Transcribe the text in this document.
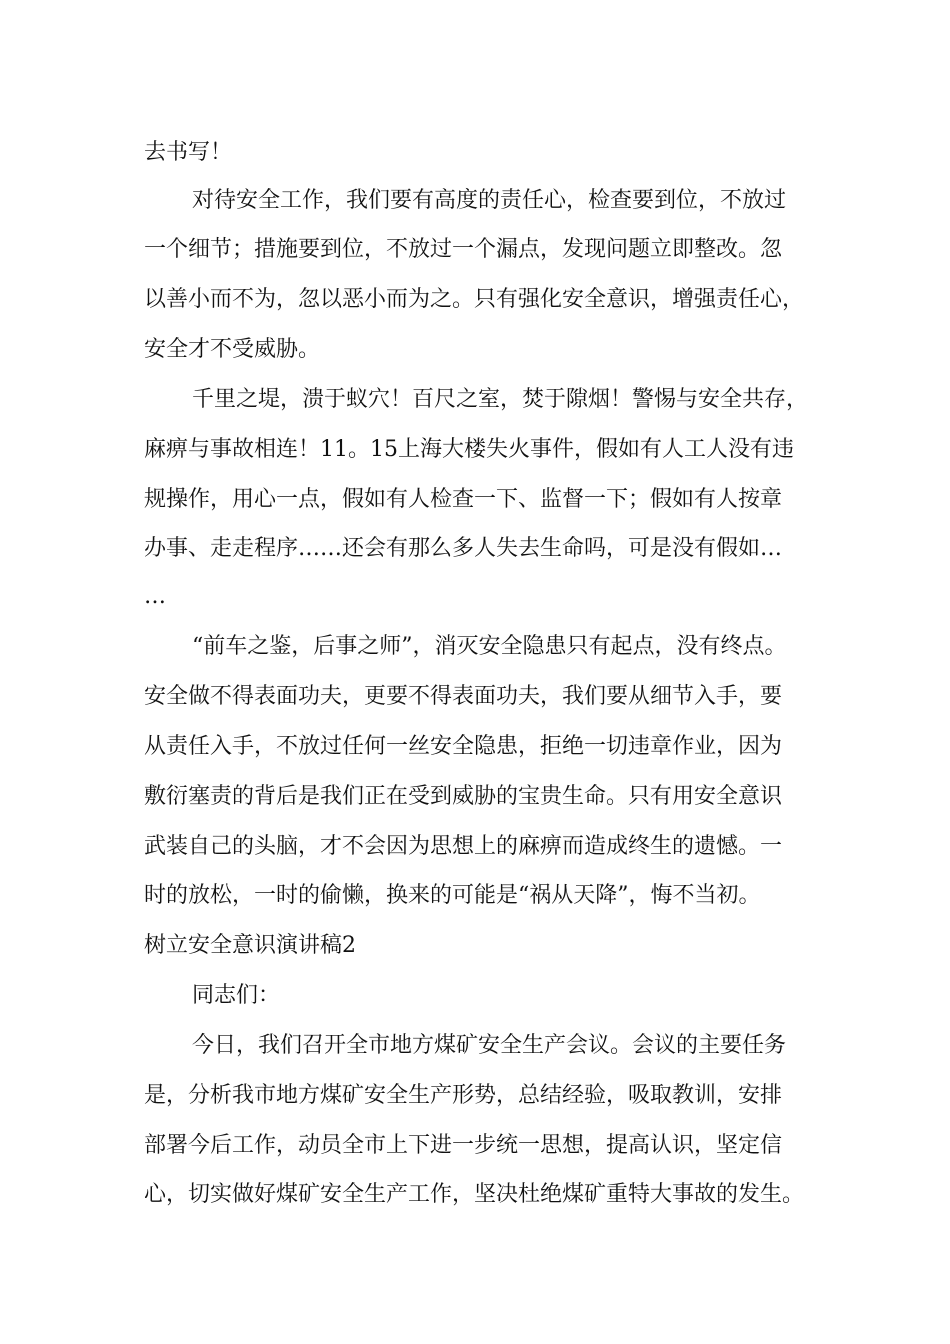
去书写！

对待安全工作，我们要有高度的责任心，检查要到位，不放过

一个细节；措施要到位，不放过一个漏点，发现问题立即整改。忽

以善小而不为，忽以恶小而为之。只有强化安全意识，增强责任心，

安全才不受威胁。

千里之堤，溃于蚁穴！百尺之室，焚于隙烟！警惕与安全共存，

麻痹与事故相连！11。15上海大楼失火事件，假如有人工人没有违

规操作，用心一点，假如有人检查一下、监督一下；假如有人按章

办事、走走程序……还会有那么多人失去生命吗，可是没有假如…

…

“前车之鉴，后事之师”，消灭安全隐患只有起点，没有终点。

安全做不得表面功夫，更要不得表面功夫，我们要从细节入手，要

从责任入手，不放过任何一丝安全隐患，拒绝一切违章作业，因为

敷衍塞责的背后是我们正在受到威胁的宝贵生命。只有用安全意识

武装自己的头脑，才不会因为思想上的麻痹而造成终生的遗憾。一

时的放松，一时的偷懒，换来的可能是“祸从天降”，悔不当初。

树立安全意识演讲稿2

同志们：

今日，我们召开全市地方煤矿安全生产会议。会议的主要任务

是，分析我市地方煤矿安全生产形势，总结经验，吸取教训，安排

部署今后工作，动员全市上下进一步统一思想，提高认识，坚定信

心，切实做好煤矿安全生产工作，坚决杜绝煤矿重特大事故的发生。
